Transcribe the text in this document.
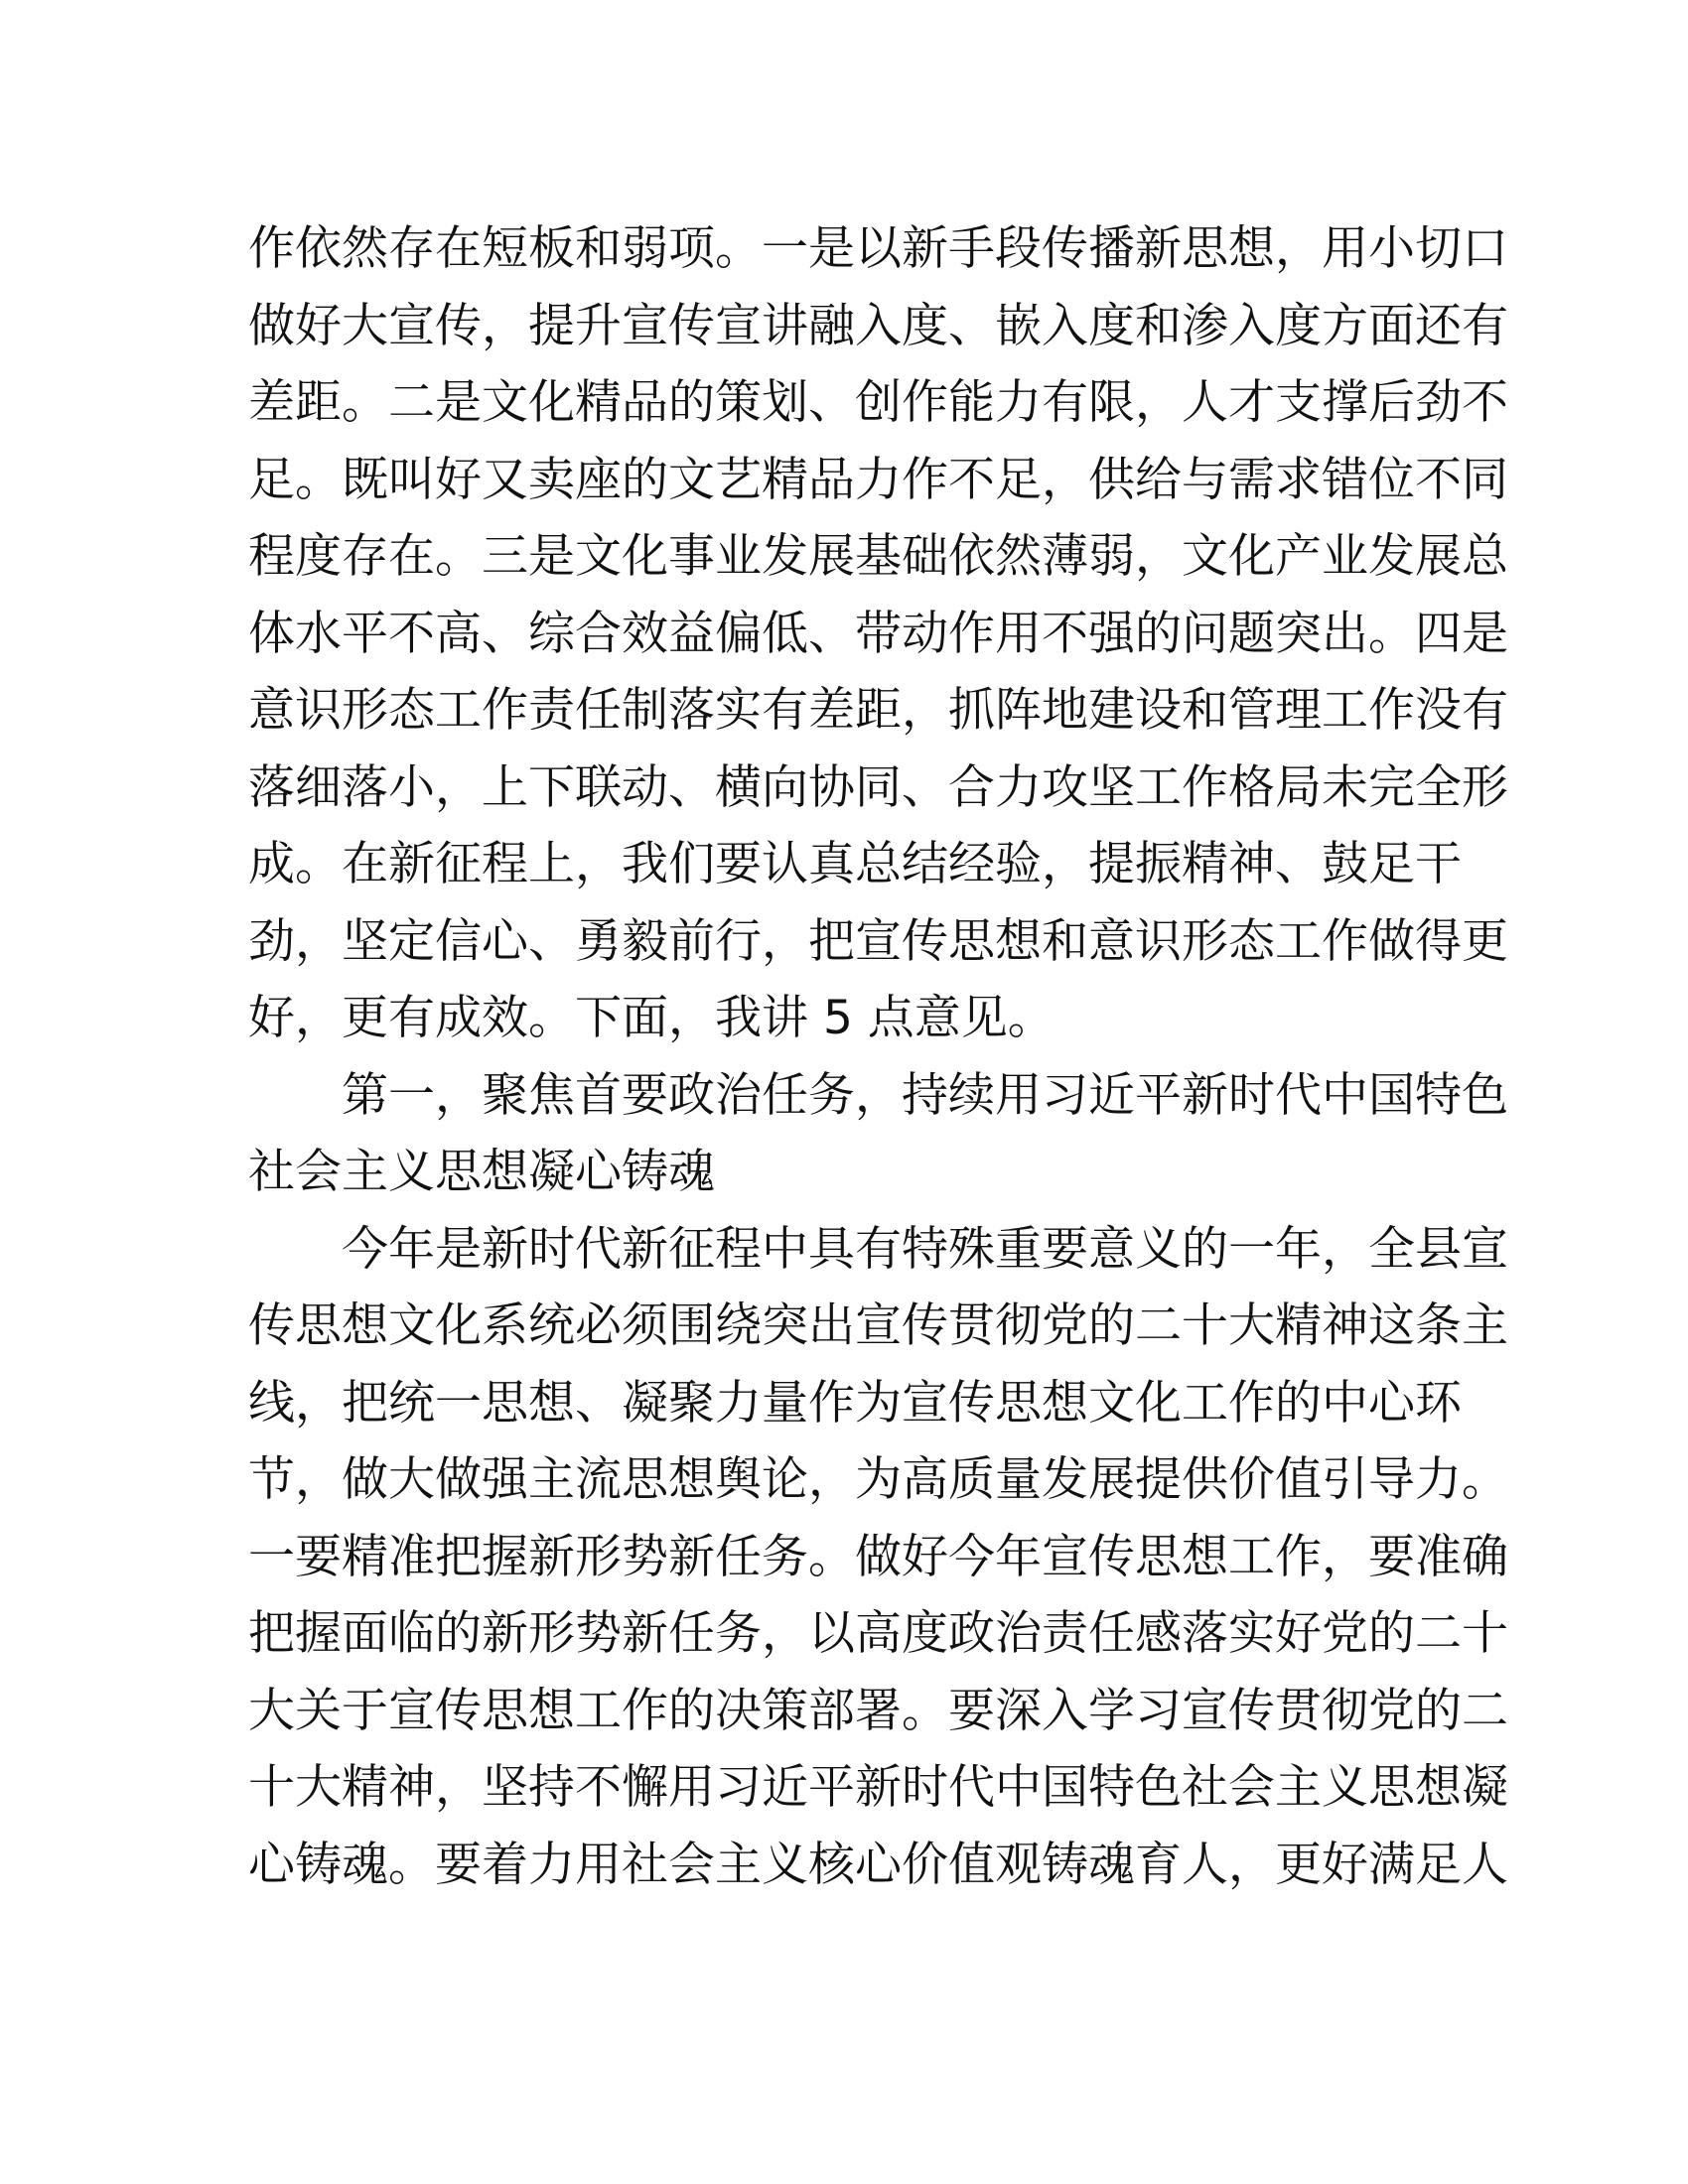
作依然存在短板和弱项。一是以新手段传播新思想，用小切口
做好大宣传，提升宣传宣讲融入度、嵌入度和渗入度方面还有
差距。二是文化精品的策划、创作能力有限，人才支撑后劲不
足。既叫好又卖座的文艺精品力作不足，供给与需求错位不同
程度存在。三是文化事业发展基础依然薄弱，文化产业发展总
体水平不高、综合效益偏低、带动作用不强的问题突出。四是
意识形态工作责任制落实有差距，抓阵地建设和管理工作没有
落细落小，上下联动、横向协同、合力攻坚工作格局未完全形
成。在新征程上，我们要认真总结经验，提振精神、鼓足干
劲，坚定信心、勇毅前行，把宣传思想和意识形态工作做得更
好，更有成效。下面，我讲 5 点意见。
第一，聚焦首要政治任务，持续用习近平新时代中国特色
社会主义思想凝心铸魂
今年是新时代新征程中具有特殊重要意义的一年，全县宣
传思想文化系统必须围绕突出宣传贯彻党的二十大精神这条主
线，把统一思想、凝聚力量作为宣传思想文化工作的中心环
节，做大做强主流思想舆论，为高质量发展提供价值引导力。
一要精准把握新形势新任务。做好今年宣传思想工作，要准确
把握面临的新形势新任务，以高度政治责任感落实好党的二十
大关于宣传思想工作的决策部署。要深入学习宣传贯彻党的二
十大精神，坚持不懈用习近平新时代中国特色社会主义思想凝
心铸魂。要着力用社会主义核心价值观铸魂育人，更好满足人
